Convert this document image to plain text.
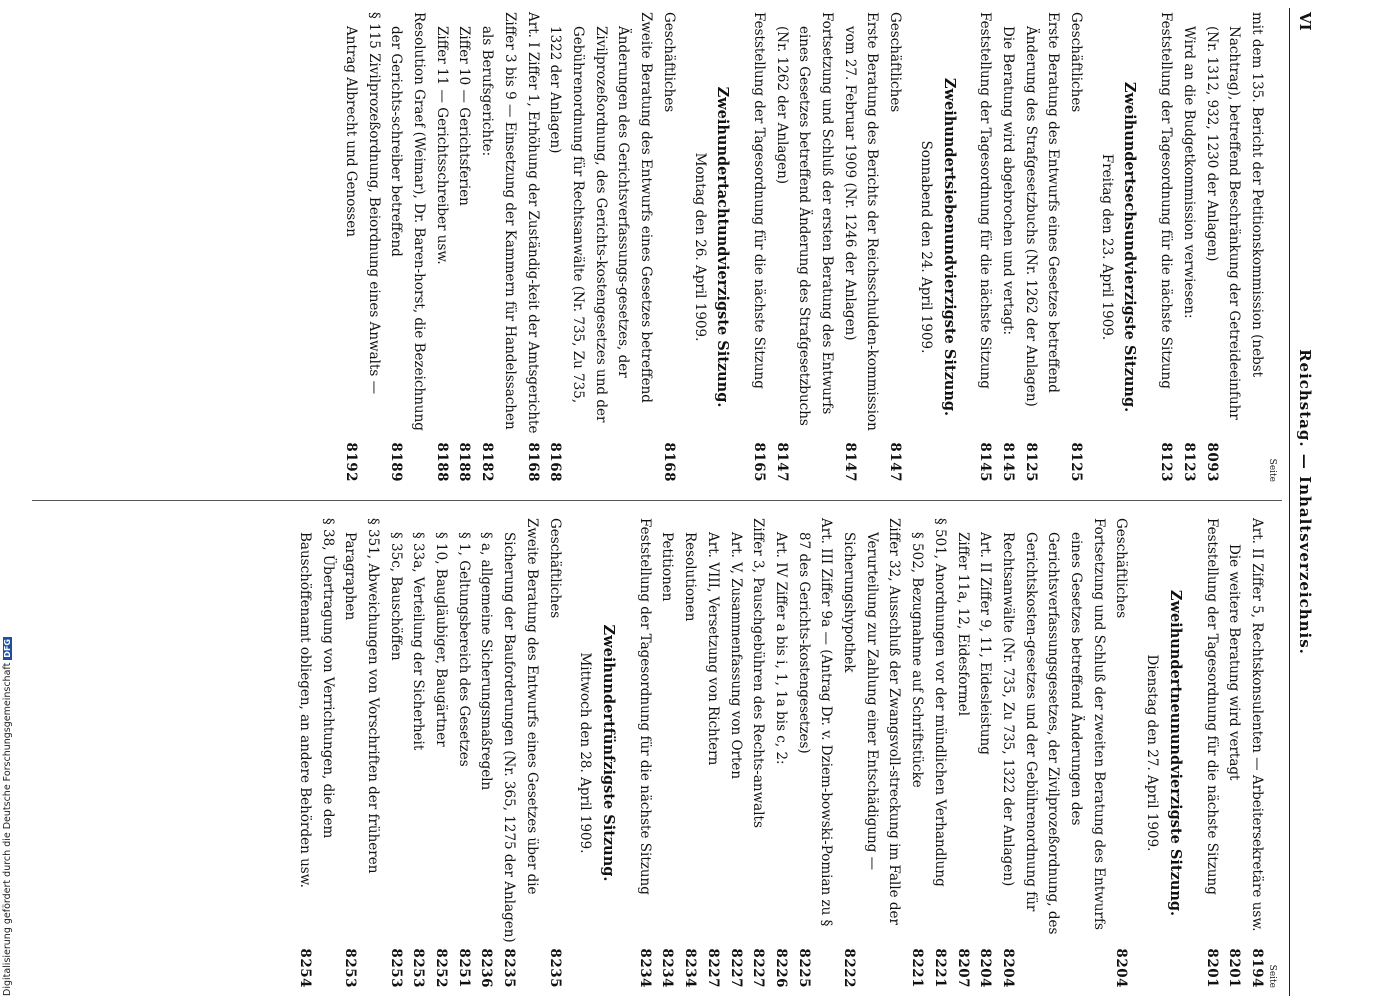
VI
Reichstag. — Inhaltsverzeichnis.
Seite
mit dem 135. Bericht der Petitionskommission (nebst Nachtrag), betreffend Beschränkung der Getreideeinfuhr (Nr. 1312, 932, 1230 der Anlagen)
8093
Wird an die Budgetkommission verwiesen:
8123
Feststellung der Tagesordnung für die nächste Sitzung
8123
Zweihundertsechsundvierzigste Sitzung.
Freitag den 23. April 1909.
Geschäftliches
8125
Erste Beratung des Entwurfs eines Gesetzes betreffend Änderung des Strafgesetzbuchs (Nr. 1262 der Anlagen)
8125
Die Beratung wird abgebrochen und vertagt:
8145
Feststellung der Tagesordnung für die nächste Sitzung
8145
Zweihundertsiebenundvierzigste Sitzung.
Sonnabend den 24. April 1909.
Geschäftliches
8147
Erste Beratung des Berichts der Reichsschulden-kommission vom 27. Februar 1909 (Nr. 1246 der Anlagen)
8147
Fortsetzung und Schluß der ersten Beratung des Entwurfs eines Gesetzes betreffend Änderung des Strafgesetzbuchs (Nr. 1262 der Anlagen)
8147
Feststellung der Tagesordnung für die nächste Sitzung
8165
Zweihundertachtundvierzigste Sitzung.
Montag den 26. April 1909.
Geschäftliches
8168
Zweite Beratung des Entwurfs eines Gesetzes betreffend Änderungen des Gerichtsverfassungs-gesetzes, der Zivilprozeßordnung, des Gerichts-kostengesetzes und der Gebührenordnung für Rechtsanwälte (Nr. 735, Zu 735, 1322 der Anlagen)
8168
Art. I Ziffer 1, Erhöhung der Zuständig-keit der Amtsgerichte
8168
Ziffer 3 bis 9 — Einsetzung der Kammern für Handelssachen als Berufsgerichte:
8182
Ziffer 10 — Gerichtsferien
8188
Ziffer 11 — Gerichtsschreiber usw.
8188
Resolution Graef (Weimar), Dr. Baren-horst, die Bezeichnung der Gerichts-schreiber betreffend
8189
§ 115 Zivilprozeßordnung, Beiordnung eines Anwalts — Antrag Albrecht und Genossen
8192
Seite
Art. II Ziffer 5, Rechtskonsulenten — Arbeitersekretäre usw.
8194
Die weitere Beratung wird vertagt
8201
Feststellung der Tagesordnung für die nächste Sitzung
8201
Zweihundertneunundvierzigste Sitzung.
Dienstag den 27. April 1909.
Geschäftliches
8204
Fortsetzung und Schluß der zweiten Beratung des Entwurfs eines Gesetzes betreffend Änderungen des Gerichtsverfassungsgesetzes, der Zivilprozeßordnung, des Gerichtskosten-gesetzes und der Gebührenordnung für Rechtsanwälte (Nr. 735, Zu 735, 1322 der Anlagen)
8204
Art. II Ziffer 9, 11, Eidesleistung
8204
Ziffer 11a, 12, Eidesformel
8207
§ 501, Anordnungen vor der mündlichen Verhandlung
8221
§ 502, Bezugnahme auf Schriftstücke
8221
Ziffer 32, Ausschluß der Zwangsvoll-streckung im Falle der Verurteilung zur Zahlung einer Entschädigung — Sicherungshypothek
8222
Art. III Ziffer 9a — (Antrag Dr. v. Dziem-bowski-Pomian zu § 87 des Gerichts-kostengesetzes)
8225
Art. IV Ziffer a bis i, 1, 1a bis c, 2:
8226
Ziffer 3, Pauschgebühren des Rechts-anwalts
8227
Art. V, Zusammenfassung von Orten
8227
Art. VIII, Versetzung von Richtern
8227
Resolutionen
8234
Petitionen
8234
Feststellung der Tagesordnung für die nächste Sitzung
8234
Zweihundertfünfzigste Sitzung.
Mittwoch den 28. April 1909.
Geschäftliches
8235
Zweite Beratung des Entwurfs eines Gesetzes über die Sicherung der Bauforderungen (Nr. 365, 1275 der Anlagen)
8235
§ a, allgemeine Sicherungsmaßregeln
8236
§ 1, Geltungsbereich des Gesetzes
8251
§ 10, Baugläubiger, Baugärtner
8252
§ 33a, Verteilung der Sicherheit
8253
§ 35c, Bauschöffen
8253
§ 351, Abweichungen von Vorschriften der früheren Paragraphen
8253
§ 38, Übertragung von Verrichtungen, die dem Bauschöffenamt obliegen, an andere Behörden usw.
8254
Digitalisierung gefördert durch die Deutsche ForschungsgemeinschaftDFG
